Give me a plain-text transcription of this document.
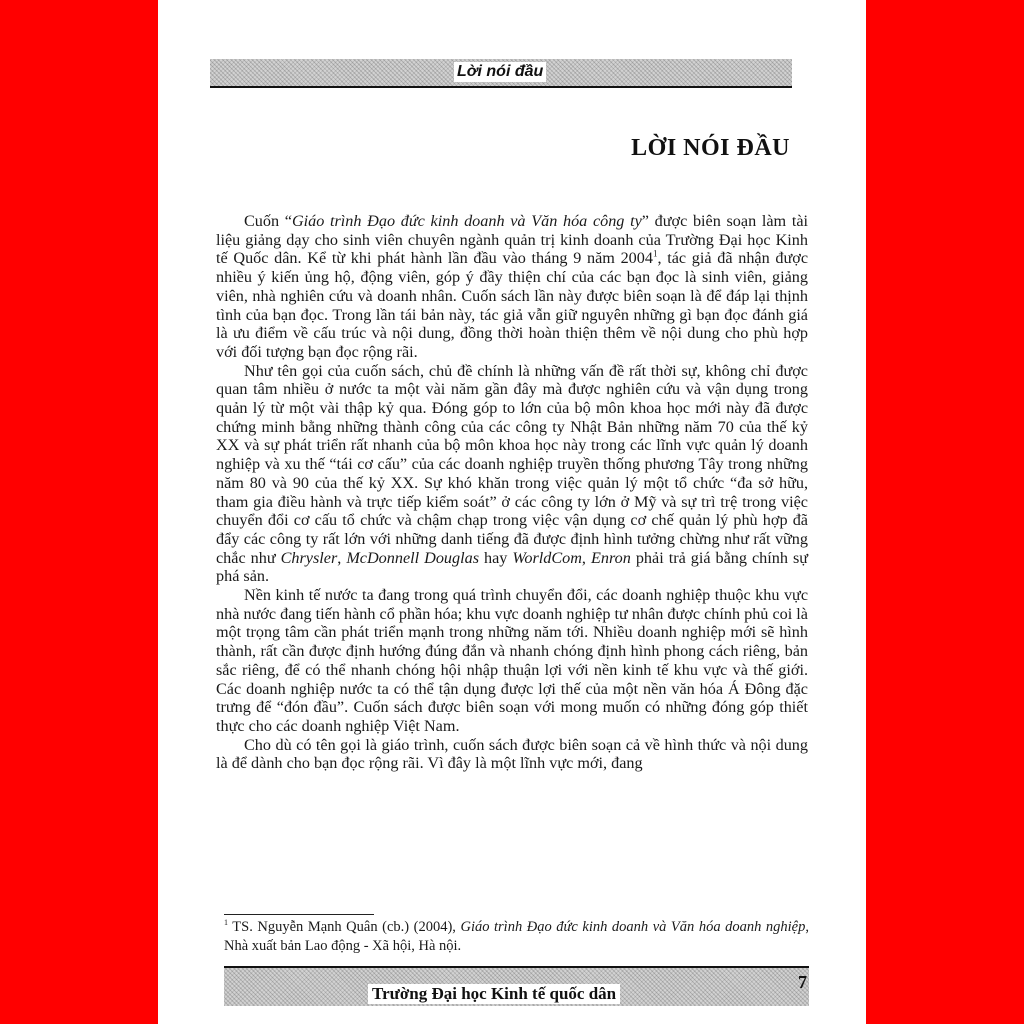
Lời nói đầu
LỜI NÓI ĐẦU

Cuốn “Giáo trình Đạo đức kinh doanh và Văn hóa công ty” được biên soạn làm tài liệu giảng dạy cho sinh viên chuyên ngành quản trị kinh doanh của Trường Đại học Kinh tế Quốc dân. Kể từ khi phát hành lần đầu vào tháng 9 năm 2004$^1$, tác giả đã nhận được nhiều ý kiến ủng hộ, động viên, góp ý đầy thiện chí của các bạn đọc là sinh viên, giảng viên, nhà nghiên cứu và doanh nhân. Cuốn sách lần này được biên soạn là để đáp lại thịnh tình của bạn đọc. Trong lần tái bản này, tác giả vẫn giữ nguyên những gì bạn đọc đánh giá là ưu điểm về cấu trúc và nội dung, đồng thời hoàn thiện thêm về nội dung cho phù hợp với đối tượng bạn đọc rộng rãi.

Như tên gọi của cuốn sách, chủ đề chính là những vấn đề rất thời sự, không chỉ được quan tâm nhiều ở nước ta một vài năm gần đây mà được nghiên cứu và vận dụng trong quản lý từ một vài thập kỷ qua. Đóng góp to lớn của bộ môn khoa học mới này đã được chứng minh bằng những thành công của các công ty Nhật Bản những năm 70 của thế kỷ XX và sự phát triển rất nhanh của bộ môn khoa học này trong các lĩnh vực quản lý doanh nghiệp và xu thế “tái cơ cấu” của các doanh nghiệp truyền thống phương Tây trong những năm 80 và 90 của thế kỷ XX. Sự khó khăn trong việc quản lý một tổ chức “đa sở hữu, tham gia điều hành và trực tiếp kiểm soát” ở các công ty lớn ở Mỹ và sự trì trệ trong việc chuyển đổi cơ cấu tổ chức và chậm chạp trong việc vận dụng cơ chế quản lý phù hợp đã đẩy các công ty rất lớn với những danh tiếng đã được định hình tưởng chừng như rất vững chắc như Chrysler, McDonnell Douglas hay WorldCom, Enron phải trả giá bằng chính sự phá sản.

Nền kinh tế nước ta đang trong quá trình chuyển đổi, các doanh nghiệp thuộc khu vực nhà nước đang tiến hành cổ phần hóa; khu vực doanh nghiệp tư nhân được chính phủ coi là một trọng tâm cần phát triển mạnh trong những năm tới. Nhiều doanh nghiệp mới sẽ hình thành, rất cần được định hướng đúng đắn và nhanh chóng định hình phong cách riêng, bản sắc riêng, để có thể nhanh chóng hội nhập thuận lợi với nền kinh tế khu vực và thế giới. Các doanh nghiệp nước ta có thể tận dụng được lợi thế của một nền văn hóa Á Đông đặc trưng để “đón đầu”. Cuốn sách được biên soạn với mong muốn có những đóng góp thiết thực cho các doanh nghiệp Việt Nam.

Cho dù có tên gọi là giáo trình, cuốn sách được biên soạn cả về hình thức và nội dung là để dành cho bạn đọc rộng rãi. Vì đây là một lĩnh vực mới, đang

$^1$ TS. Nguyễn Mạnh Quân (cb.) (2004), Giáo trình Đạo đức kinh doanh và Văn hóa doanh nghiệp, Nhà xuất bản Lao động - Xã hội, Hà nội.

Trường Đại học Kinh tế quốc dân
7
